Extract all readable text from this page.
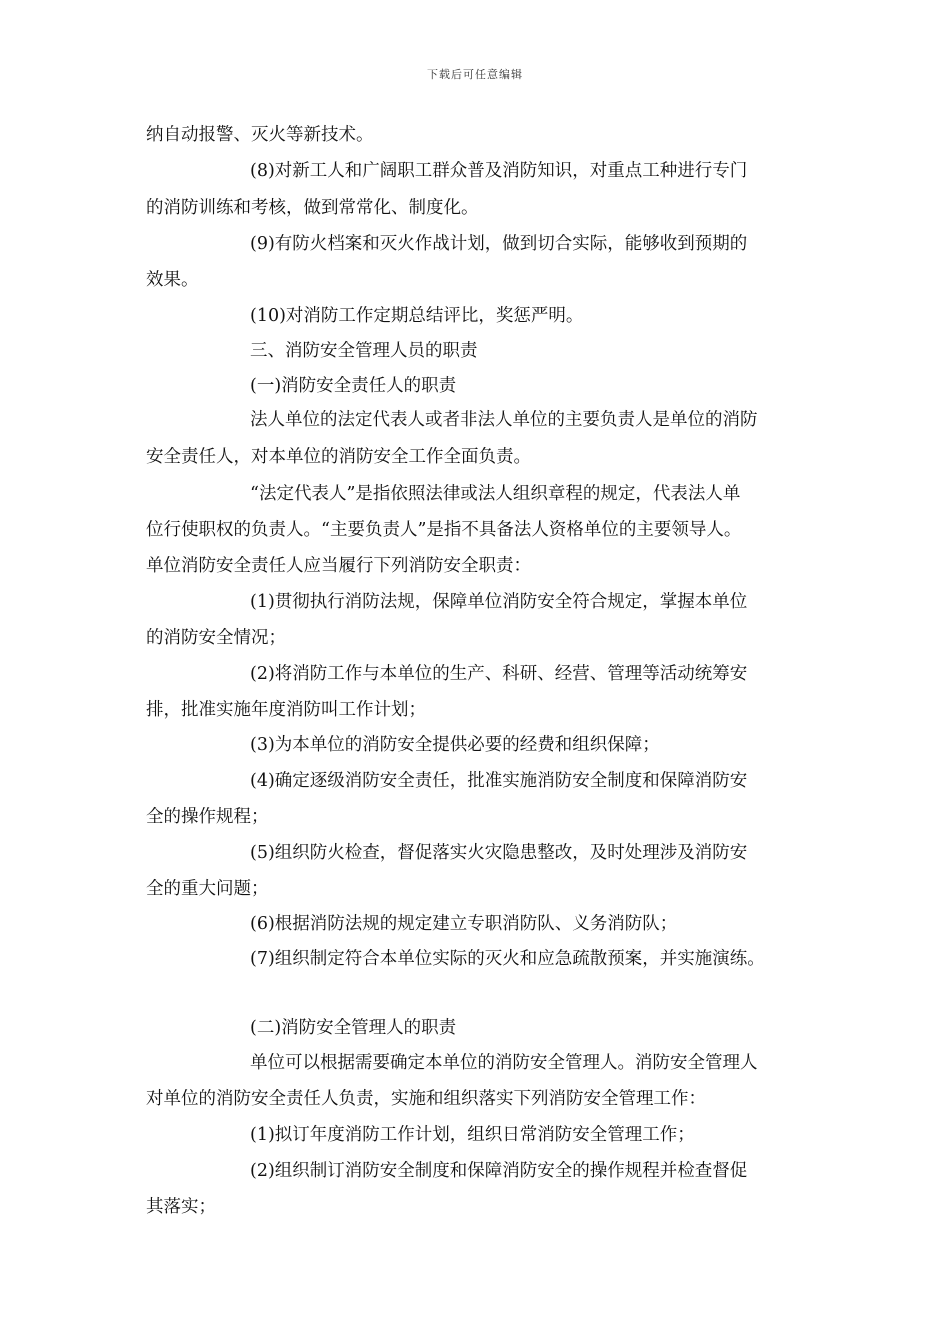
下载后可任意编辑
纳自动报警、灭火等新技术。
(8)对新工人和广阔职工群众普及消防知识，对重点工种进行专门
的消防训练和考核，做到常常化、制度化。
(9)有防火档案和灭火作战计划，做到切合实际，能够收到预期的
效果。
(10)对消防工作定期总结评比，奖惩严明。
三、消防安全管理人员的职责
(一)消防安全责任人的职责
法人单位的法定代表人或者非法人单位的主要负责人是单位的消防
安全责任人，对本单位的消防安全工作全面负责。
“法定代表人”是指依照法律或法人组织章程的规定，代表法人单
位行使职权的负责人。“主要负责人”是指不具备法人资格单位的主要领导人。
单位消防安全责任人应当履行下列消防安全职责：
(1)贯彻执行消防法规，保障单位消防安全符合规定，掌握本单位
的消防安全情况；
(2)将消防工作与本单位的生产、科研、经营、管理等活动统筹安
排，批准实施年度消防叫工作计划；
(3)为本单位的消防安全提供必要的经费和组织保障；
(4)确定逐级消防安全责任，批准实施消防安全制度和保障消防安
全的操作规程；
(5)组织防火检查，督促落实火灾隐患整改，及时处理涉及消防安
全的重大问题；
(6)根据消防法规的规定建立专职消防队、义务消防队；
(7)组织制定符合本单位实际的灭火和应急疏散预案，并实施演练。
(二)消防安全管理人的职责
单位可以根据需要确定本单位的消防安全管理人。消防安全管理人
对单位的消防安全责任人负责，实施和组织落实下列消防安全管理工作：
(1)拟订年度消防工作计划，组织日常消防安全管理工作；
(2)组织制订消防安全制度和保障消防安全的操作规程并检查督促
其落实；
